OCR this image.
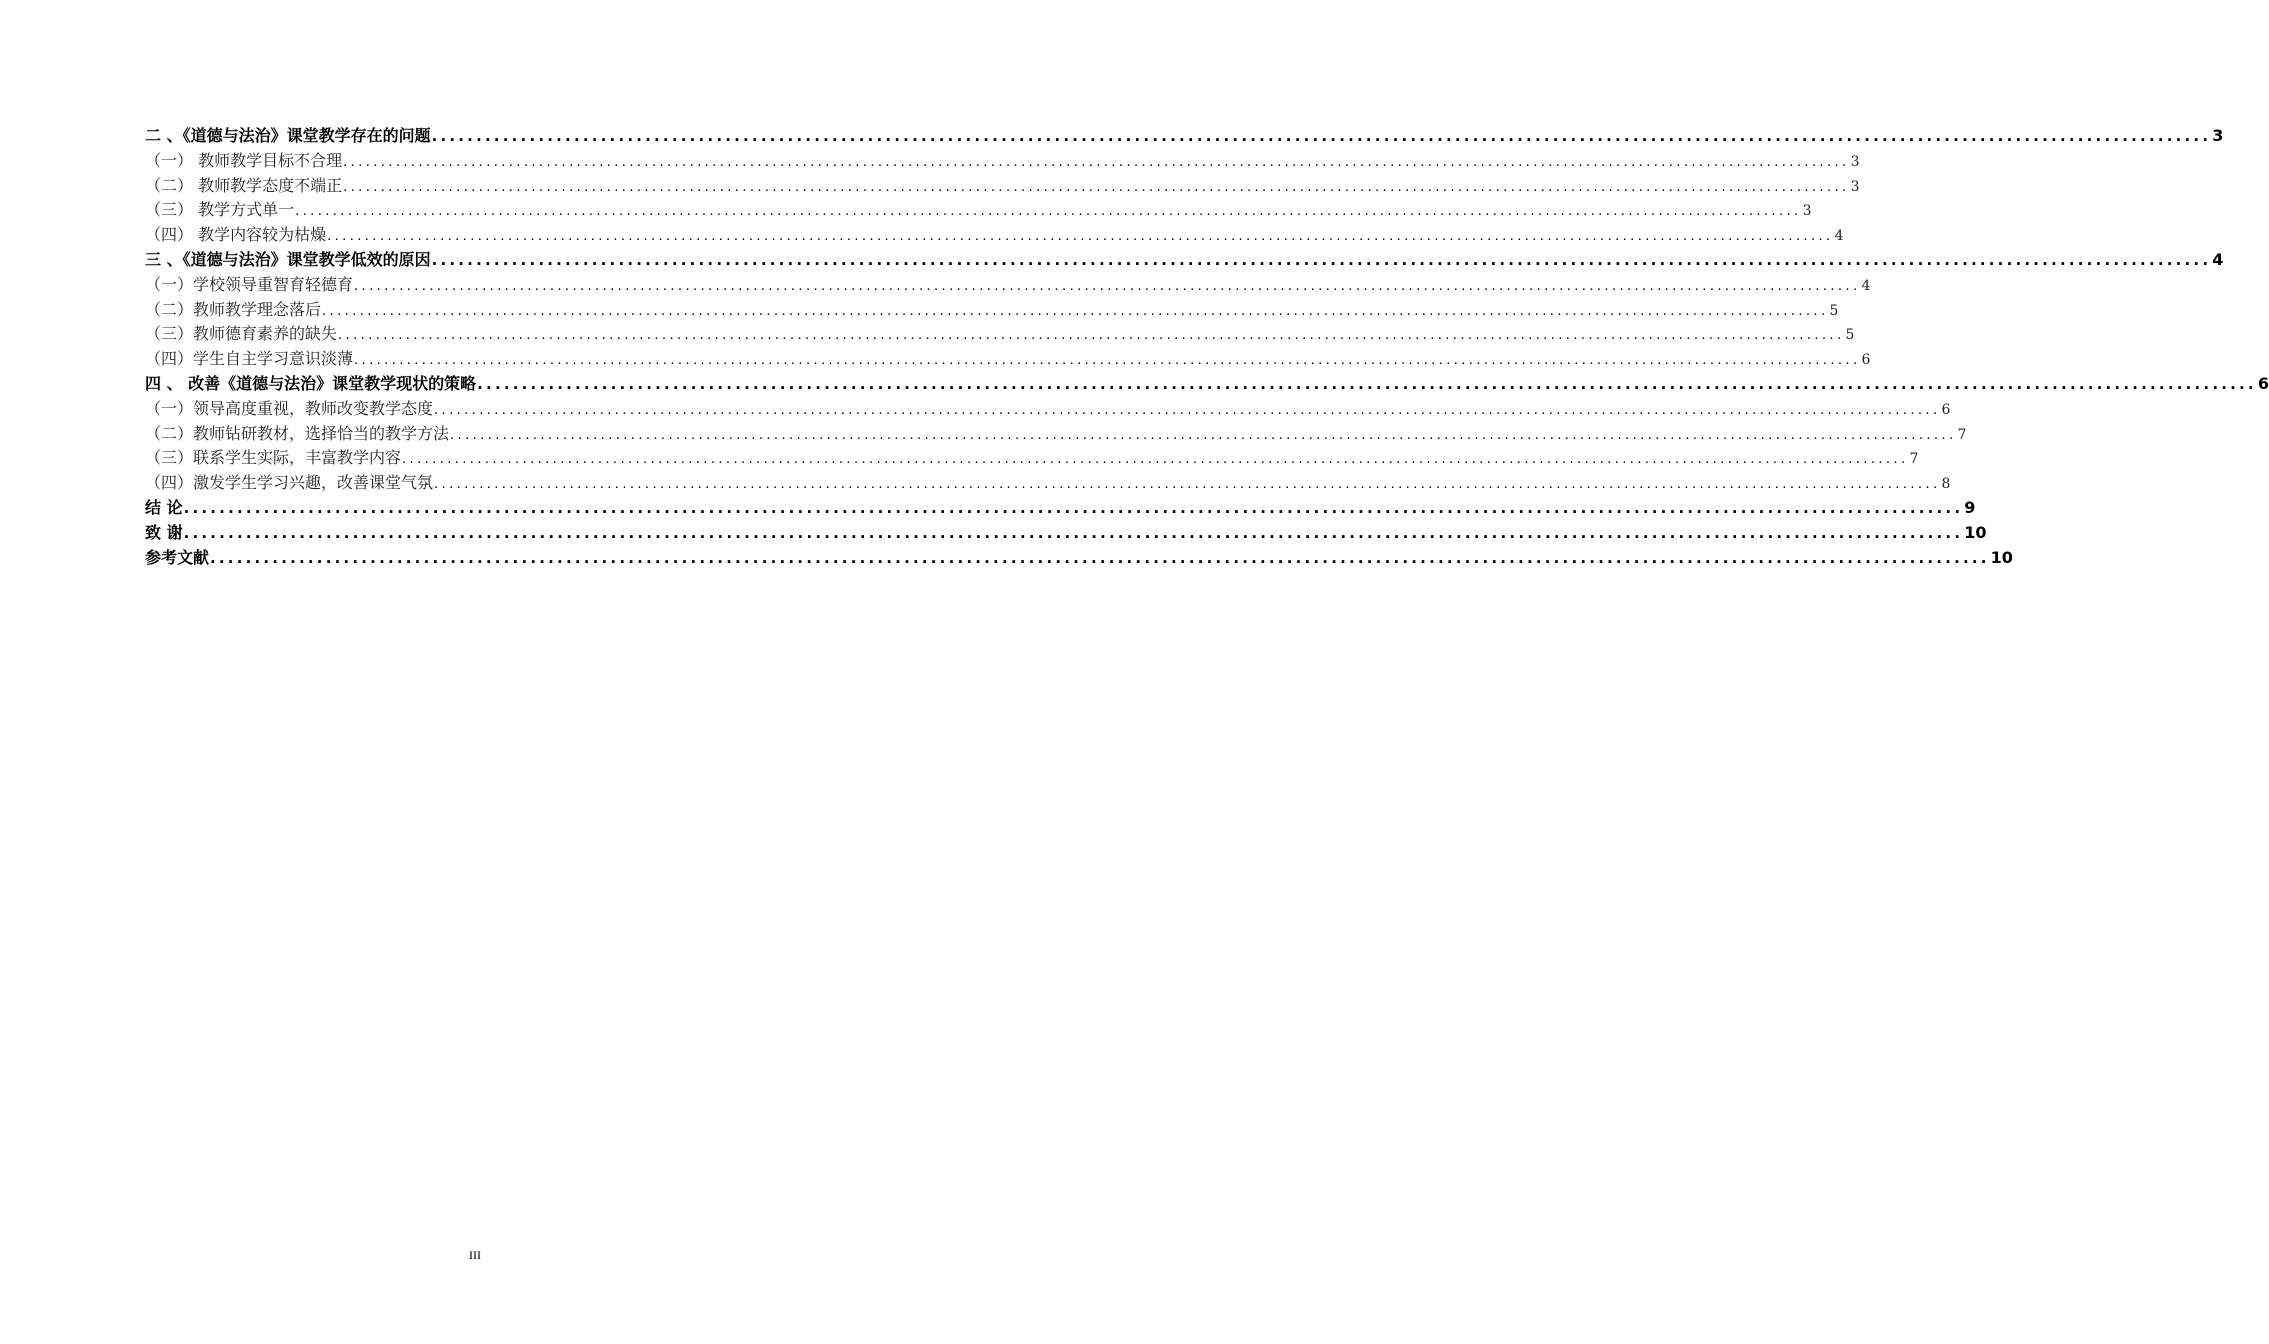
二 、《道德与法治》课堂教学存在的问题 ........................................................................................................................................................................................................ 3
（一） 教师教学目标不合理 ........................................................................................................................................................................................................ 3
（二） 教师教学态度不端正 ........................................................................................................................................................................................................ 3
（三） 教学方式单一 ........................................................................................................................................................................................................ 3
（四） 教学内容较为枯燥 ........................................................................................................................................................................................................ 4
三 、《道德与法治》课堂教学低效的原因 ........................................................................................................................................................................................................ 4
（一）学校领导重智育轻德育 ........................................................................................................................................................................................................ 4
（二）教师教学理念落后 ........................................................................................................................................................................................................ 5
（三）教师德育素养的缺失 ........................................................................................................................................................................................................ 5
（四）学生自主学习意识淡薄 ........................................................................................................................................................................................................ 6
四 、 改善《道德与法治》课堂教学现状的策略 ........................................................................................................................................................................................................ 6
（一）领导高度重视，教师改变教学态度 ........................................................................................................................................................................................................ 6
（二）教师钻研教材，选择恰当的教学方法 ........................................................................................................................................................................................................ 7
（三）联系学生实际，丰富教学内容 ........................................................................................................................................................................................................ 7
（四）激发学生学习兴趣，改善课堂气氛 ........................................................................................................................................................................................................ 8
结 论 ........................................................................................................................................................................................................ 9
致 谢 ........................................................................................................................................................................................................ 10
参考文献 ........................................................................................................................................................................................................ 10
III
